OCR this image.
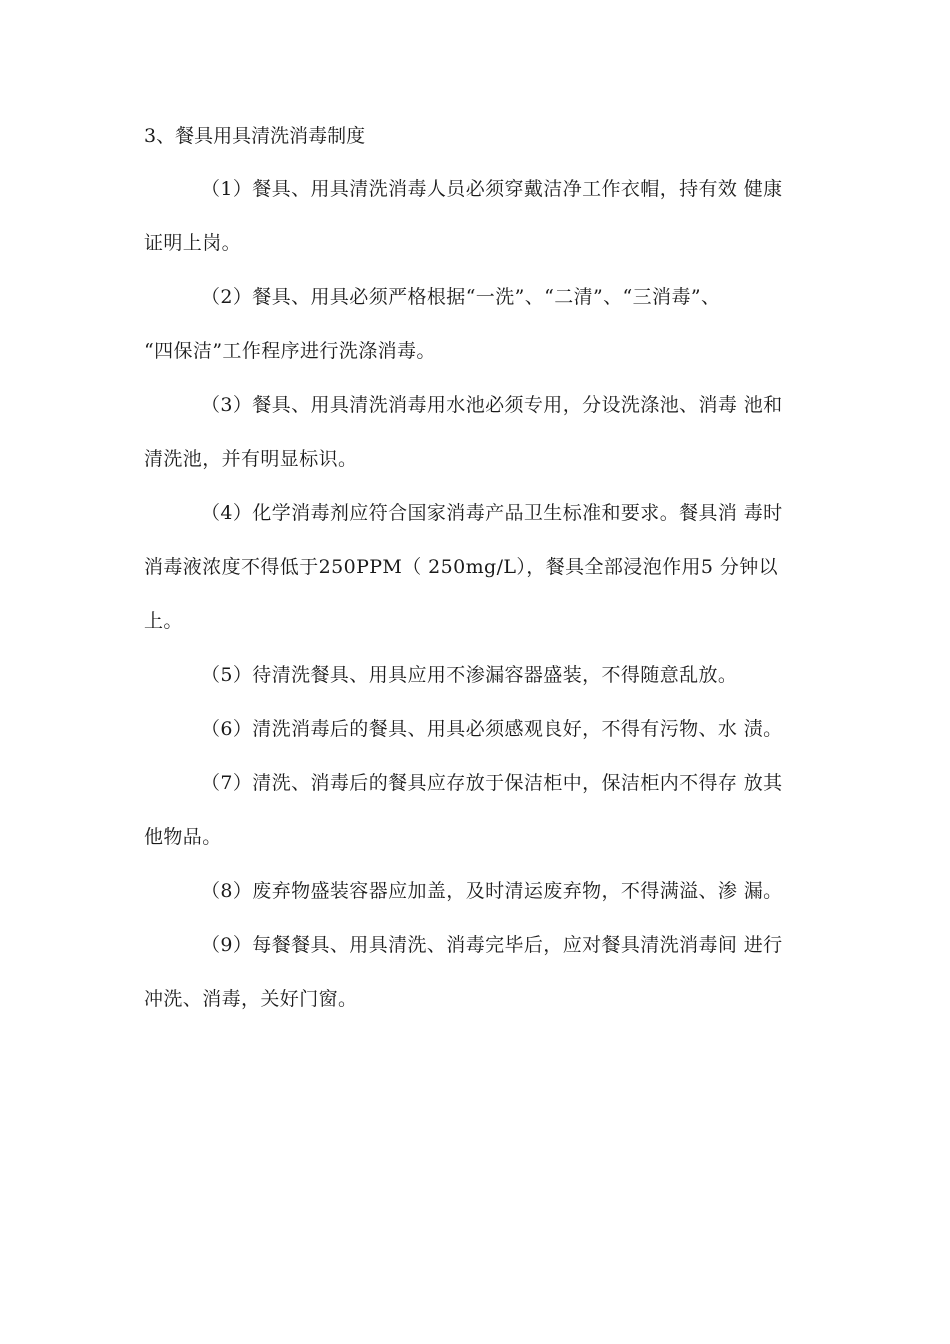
3、餐具用具清洗消毒制度
（1）餐具、用具清洗消毒人员必须穿戴洁净工作衣帽，持有效 健康
证明上岗。
（2）餐具、用具必须严格根据“一洗”、“二清”、“三消毒”、
“四保洁”工作程序进行洗涤消毒。
（3）餐具、用具清洗消毒用水池必须专用，分设洗涤池、消毒 池和
清洗池，并有明显标识。
（4）化学消毒剂应符合国家消毒产品卫生标准和要求。餐具消 毒时
消毒液浓度不得低于250PPM（ 250mg/L），餐具全部浸泡作用5 分钟以
上。
（5）待清洗餐具、用具应用不渗漏容器盛装，不得随意乱放。
（6）清洗消毒后的餐具、用具必须感观良好，不得有污物、水 渍。
（7）清洗、消毒后的餐具应存放于保洁柜中，保洁柜内不得存 放其
他物品。
（8）废弃物盛装容器应加盖，及时清运废弃物，不得满溢、渗 漏。
（9）每餐餐具、用具清洗、消毒完毕后，应对餐具清洗消毒间 进行
冲洗、消毒，关好门窗。
